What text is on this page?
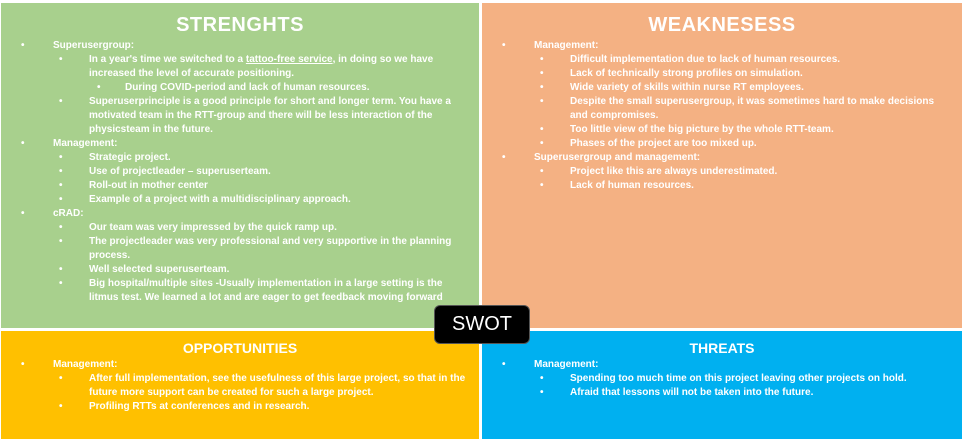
STRENGHTS
• Superusergroup:
• In a year's time we switched to a tattoo-free service, in doing so we have increased the level of accurate positioning.
• During COVID-period and lack of human resources.
• Superuserprinciple is a good principle for short and longer term. You have a motivated team in the RTT-group and there will be less interaction of the physicsteam in the future.
• Management:
• Strategic project.
• Use of projectleader – superuserteam.
• Roll-out in mother center
• Example of a project with a multidisciplinary approach.
• cRAD:
• Our team was very impressed by the quick ramp up.
• The projectleader was very professional and very supportive in the planning process.
• Well selected superuserteam.
• Big hospital/multiple sites -Usually implementation in a large setting is the litmus test. We learned a lot and are eager to get feedback moving forward
WEAKNESESS
• Management:
• Difficult implementation due to lack of human resources.
• Lack of technically strong profiles on simulation.
• Wide variety of skills within nurse RT employees.
• Despite the small superusergroup, it was sometimes hard to make decisions and compromises.
• Too little view of the big picture by the whole RTT-team.
• Phases of the project are too mixed up.
• Superusergroup and management:
• Project like this are always underestimated.
• Lack of human resources.
OPPORTUNITIES
• Management:
• After full implementation, see the usefulness of this large project, so that in the future more support can be created for such a large project.
• Profiling RTTs at conferences and in research.
THREATS
• Management:
• Spending too much time on this project leaving other projects on hold.
• Afraid that lessons will not be taken into the future.
SWOT
